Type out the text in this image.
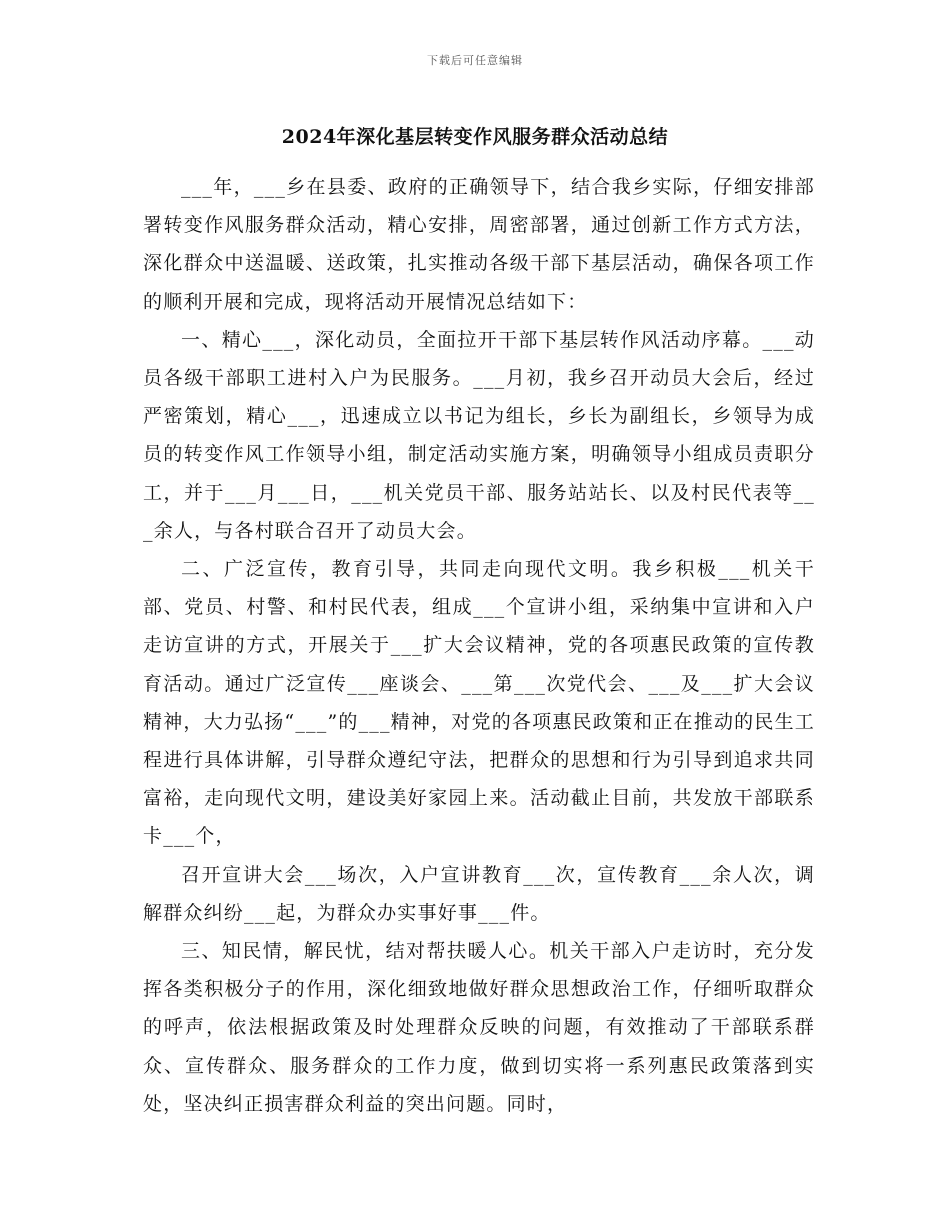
下载后可任意编辑
2024年深化基层转变作风服务群众活动总结

___年，___乡在县委、政府的正确领导下，结合我乡实际，仔细安排部署转变作风服务群众活动，精心安排，周密部署，通过创新工作方式方法，深化群众中送温暖、送政策，扎实推动各级干部下基层活动，确保各项工作的顺利开展和完成，现将活动开展情况总结如下：

一、精心___，深化动员，全面拉开干部下基层转作风活动序幕。___动员各级干部职工进村入户为民服务。___月初，我乡召开动员大会后，经过严密策划，精心___，迅速成立以书记为组长，乡长为副组长，乡领导为成员的转变作风工作领导小组，制定活动实施方案，明确领导小组成员责职分工，并于___月___日，___机关党员干部、服务站站长、以及村民代表等___余人，与各村联合召开了动员大会。

二、广泛宣传，教育引导，共同走向现代文明。我乡积极___机关干部、党员、村警、和村民代表，组成___个宣讲小组，采纳集中宣讲和入户走访宣讲的方式，开展关于___扩大会议精神，党的各项惠民政策的宣传教育活动。通过广泛宣传___座谈会、___第___次党代会、___及___扩大会议精神，大力弘扬“___”的___精神，对党的各项惠民政策和正在推动的民生工程进行具体讲解，引导群众遵纪守法，把群众的思想和行为引导到追求共同富裕，走向现代文明，建设美好家园上来。活动截止目前，共发放干部联系卡___个，

召开宣讲大会___场次，入户宣讲教育___次，宣传教育___余人次，调解群众纠纷___起，为群众办实事好事___件。

三、知民情，解民忧，结对帮扶暖人心。机关干部入户走访时，充分发挥各类积极分子的作用，深化细致地做好群众思想政治工作，仔细听取群众的呼声，依法根据政策及时处理群众反映的问题，有效推动了干部联系群众、宣传群众、服务群众的工作力度，做到切实将一系列惠民政策落到实处，坚决纠正损害群众利益的突出问题。同时，
